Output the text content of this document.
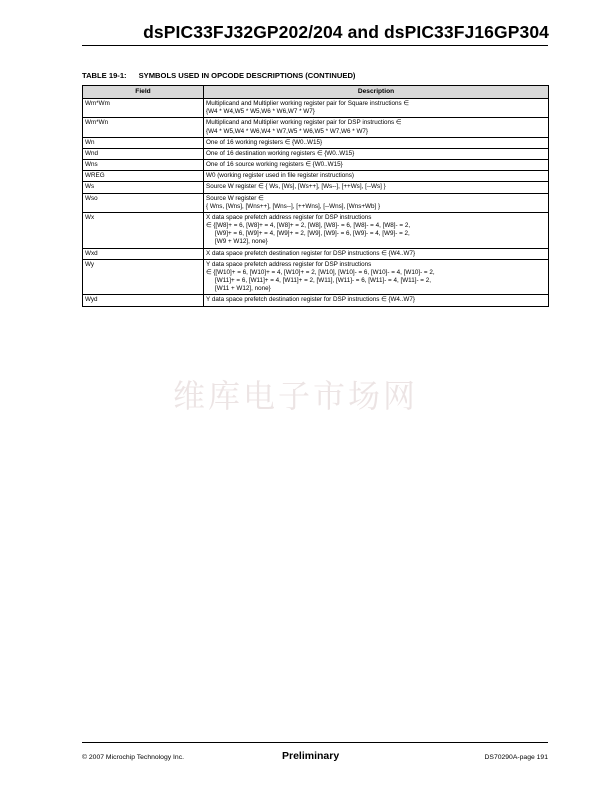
dsPIC33FJ32GP202/204 and dsPIC33FJ16GP304
TABLE 19-1: SYMBOLS USED IN OPCODE DESCRIPTIONS (CONTINUED)
Field	Description
Wm*Wm	Multiplicand and Multiplier working register pair for Square instructions ∈
{W4 * W4,W5 * W5,W6 * W6,W7 * W7}

Wm*Wn	Multiplicand and Multiplier working register pair for DSP instructions ∈
{W4 * W5,W4 * W6,W4 * W7,W5 * W6,W5 * W7,W6 * W7}

Wn	One of 16 working registers ∈ {W0..W15}

Wnd	One of 16 destination working registers ∈ {W0..W15}

Wns	One of 16 source working registers ∈ {W0..W15}

WREG	W0 (working register used in file register instructions)

Ws	Source W register ∈ { Ws, [Ws], [Ws++], [Ws--], [++Ws], [--Ws] }

Wso	Source W register ∈
{ Wns, [Wns], [Wns++], [Wns--], [++Wns], [--Wns], [Wns+Wb] }

Wx	X data space prefetch address register for DSP instructions
∈ {[W8]+ = 6, [W8]+ = 4, [W8]+ = 2, [W8], [W8]- = 6, [W8]- = 4, [W8]- = 2,
[W9]+ = 6, [W9]+ = 4, [W9]+ = 2, [W9], [W9]- = 6, [W9]- = 4, [W9]- = 2,
[W9 + W12], none}

Wxd	X data space prefetch destination register for DSP instructions ∈ {W4..W7}

Wy	Y data space prefetch address register for DSP instructions
∈ {[W10]+ = 6, [W10]+ = 4, [W10]+ = 2, [W10], [W10]- = 6, [W10]- = 4, [W10]- = 2,
[W11]+ = 6, [W11]+ = 4, [W11]+ = 2, [W11], [W11]- = 6, [W11]- = 4, [W11]- = 2,
[W11 + W12], none}

Wyd	Y data space prefetch destination register for DSP instructions ∈ {W4..W7}
维库电子市场网
© 2007 Microchip Technology Inc.	Preliminary	DS70290A-page 191
